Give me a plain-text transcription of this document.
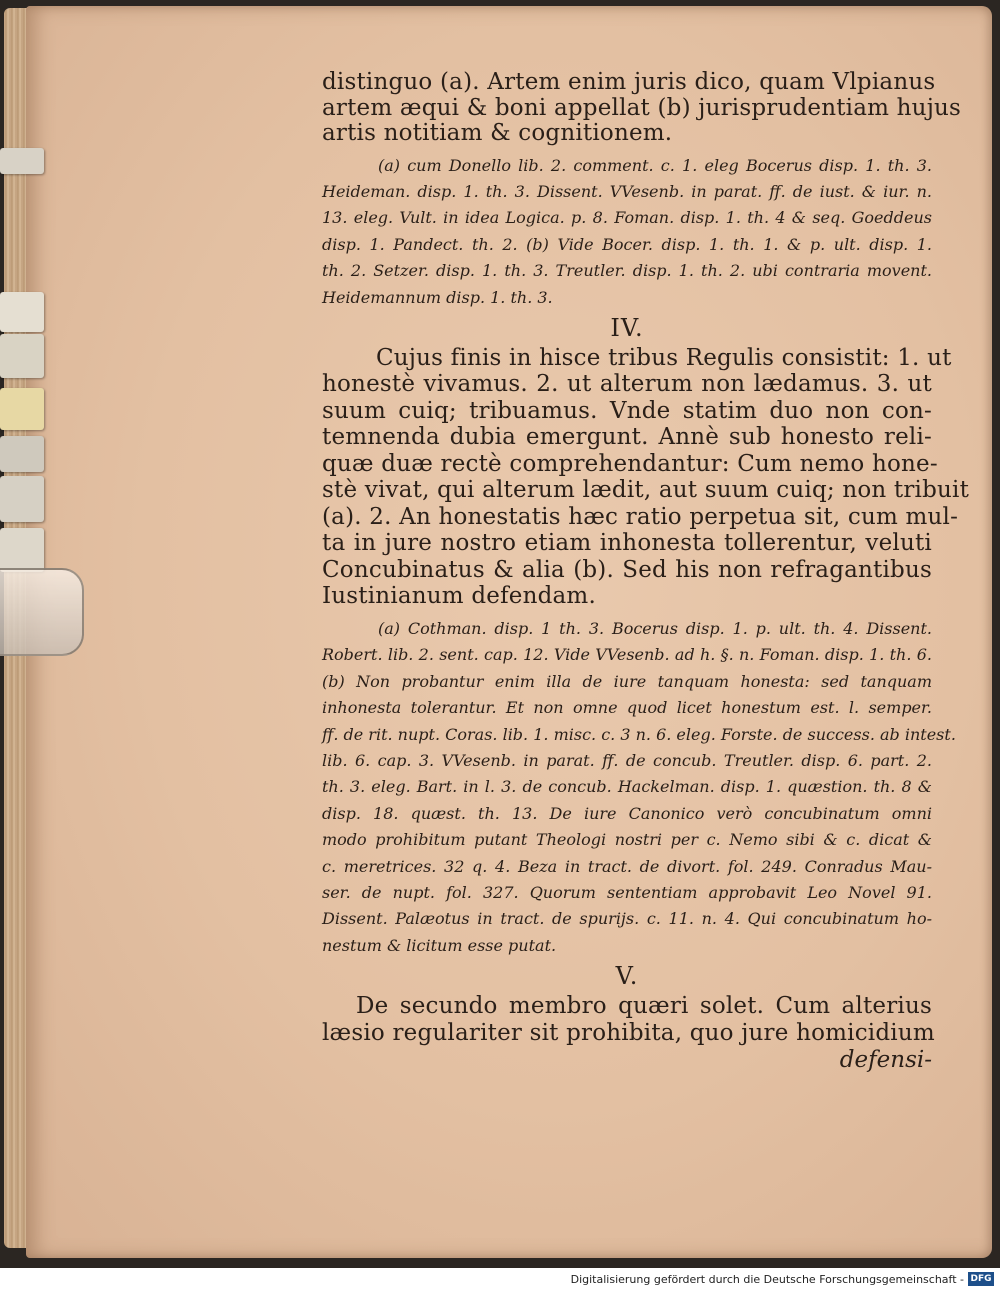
distinguo (a). Artem enim juris dico, quam Vlpianus
artem æqui & boni appellat (b) jurisprudentiam hujus
artis notitiam & cognitionem.
(a) cum Donello lib. 2. comment. c. 1. eleg Bocerus disp. 1. th. 3.
Heideman. disp. 1. th. 3. Dissent. VVesenb. in parat. ff. de iust. & iur. n.
13. eleg. Vult. in idea Logica. p. 8. Foman. disp. 1. th. 4 & seq. Goeddeus
disp. 1. Pandect. th. 2. (b) Vide Bocer. disp. 1. th. 1. & p. ult. disp. 1.
th. 2. Setzer. disp. 1. th. 3. Treutler. disp. 1. th. 2. ubi contraria movent.
Heidemannum disp. 1. th. 3.
IV.
Cujus finis in hisce tribus Regulis consistit: 1. ut
honestè vivamus. 2. ut alterum non lædamus. 3. ut
suum cuiq; tribuamus. Vnde statim duo non con-
temnenda dubia emergunt. Annè sub honesto reli-
quæ duæ rectè comprehendantur: Cum nemo hone-
stè vivat, qui alterum lædit, aut suum cuiq; non tribuit
(a). 2. An honestatis hæc ratio perpetua sit, cum mul-
ta in jure nostro etiam inhonesta tollerentur, veluti
Concubinatus & alia (b). Sed his non refragantibus
Iustinianum defendam.
(a) Cothman. disp. 1 th. 3. Bocerus disp. 1. p. ult. th. 4. Dissent.
Robert. lib. 2. sent. cap. 12. Vide VVesenb. ad h. §. n. Foman. disp. 1. th. 6.
(b) Non probantur enim illa de iure tanquam honesta: sed tanquam
inhonesta tolerantur. Et non omne quod licet honestum est. l. semper.
ff. de rit. nupt. Coras. lib. 1. misc. c. 3 n. 6. eleg. Forste. de success. ab intest.
lib. 6. cap. 3. VVesenb. in parat. ff. de concub. Treutler. disp. 6. part. 2.
th. 3. eleg. Bart. in l. 3. de concub. Hackelman. disp. 1. quæstion. th. 8 &
disp. 18. quæst. th. 13. De iure Canonico verò concubinatum omni
modo prohibitum putant Theologi nostri per c. Nemo sibi & c. dicat &
c. meretrices. 32 q. 4. Beza in tract. de divort. fol. 249. Conradus Mau-
ser. de nupt. fol. 327. Quorum sententiam approbavit Leo Novel 91.
Dissent. Palæotus in tract. de spurijs. c. 11. n. 4. Qui concubinatum ho-
nestum & licitum esse putat.
V.
De secundo membro quæri solet. Cum alterius
læsio regulariter sit prohibita, quo jure homicidium
defensi-
Digitalisierung gefördert durch die Deutsche Forschungsgemeinschaft - DFG
